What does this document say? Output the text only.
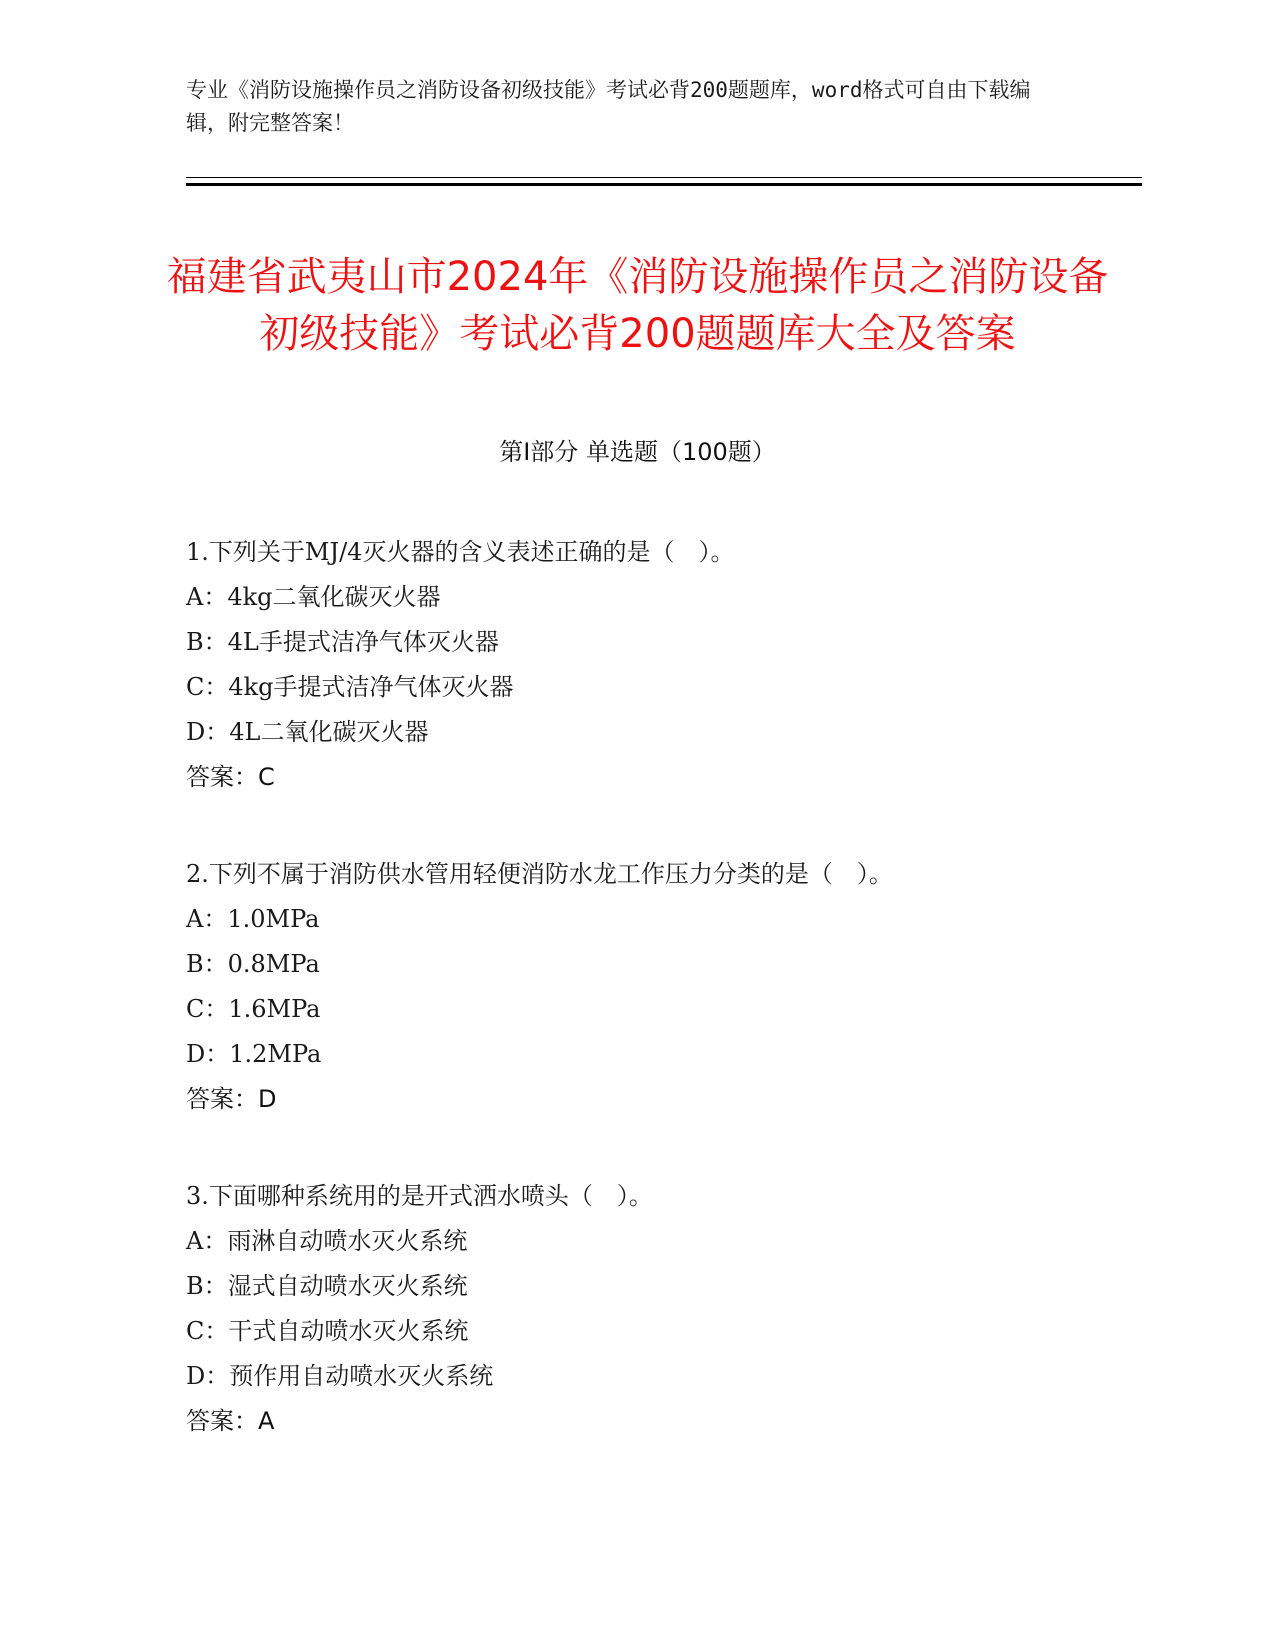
专业《消防设施操作员之消防设备初级技能》考试必背200题题库，word格式可自由下载编辑，附完整答案！
福建省武夷山市2024年《消防设施操作员之消防设备初级技能》考试必背200题题库大全及答案
第Ⅰ部分 单选题（100题）
1.下列关于MJ/4灭火器的含义表述正确的是（　）。
A：4kg二氧化碳灭火器
B：4L手提式洁净气体灭火器
C：4kg手提式洁净气体灭火器
D：4L二氧化碳灭火器
答案：C
2.下列不属于消防供水管用轻便消防水龙工作压力分类的是（　）。
A：1.0MPa
B：0.8MPa
C：1.6MPa
D：1.2MPa
答案：D
3.下面哪种系统用的是开式洒水喷头（　）。
A：雨淋自动喷水灭火系统
B：湿式自动喷水灭火系统
C：干式自动喷水灭火系统
D：预作用自动喷水灭火系统
答案：A
